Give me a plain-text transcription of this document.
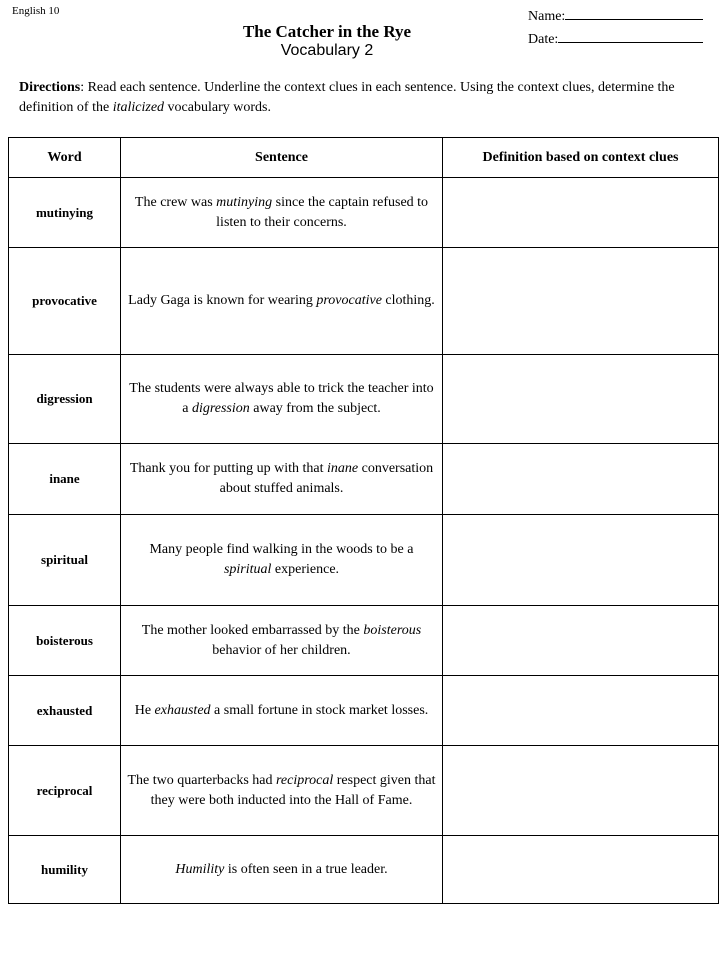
English 10	Name:
Date:
The Catcher in the Rye
Vocabulary 2
Directions: Read each sentence. Underline the context clues in each sentence. Using the context clues, determine the definition of the italicized vocabulary words.
Word	Sentence	Definition based on context clues
mutinying	The crew was mutinying since the captain refused to listen to their concerns.	
provocative	Lady Gaga is known for wearing provocative clothing.	
digression	The students were always able to trick the teacher into a digression away from the subject.	
inane	Thank you for putting up with that inane conversation about stuffed animals.	
spiritual	Many people find walking in the woods to be a spiritual experience.	
boisterous	The mother looked embarrassed by the boisterous behavior of her children.	
exhausted	He exhausted a small fortune in stock market losses.	
reciprocal	The two quarterbacks had reciprocal respect given that they were both inducted into the Hall of Fame.	
humility	Humility is often seen in a true leader.	
